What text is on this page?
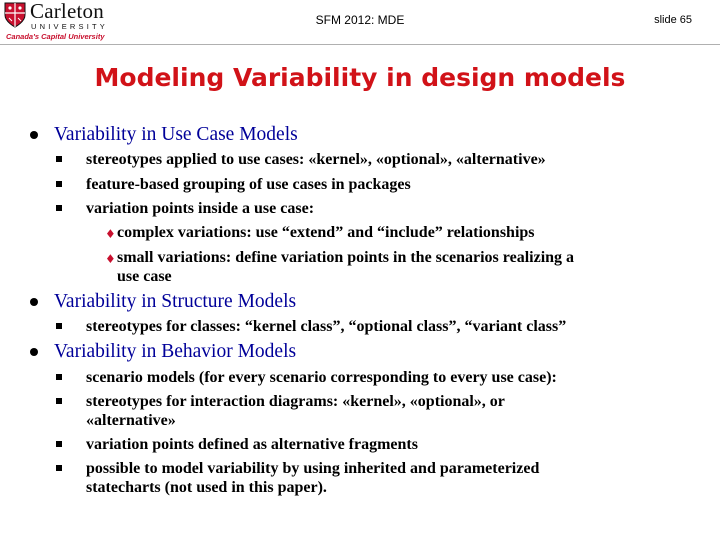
Carleton
UNIVERSITY
Canada's Capital University
SFM 2012: MDE	slide 65
Modeling Variability in design models
Variability in Use Case Models
stereotypes applied to use cases: «kernel», «optional», «alternative»
feature-based grouping of use cases in packages
variation points inside a use case:
♦ complex variations: use “extend” and “include” relationships
♦ small variations: define variation points in the scenarios realizing a
use case
Variability in Structure Models
stereotypes for classes: “kernel class”, “optional class”, “variant class”
Variability in Behavior Models
scenario models (for every scenario corresponding to every use case):
stereotypes for interaction diagrams: «kernel», «optional», or
«alternative»
variation points defined as alternative fragments
possible to model variability by using inherited and parameterized
statecharts (not used in this paper).
